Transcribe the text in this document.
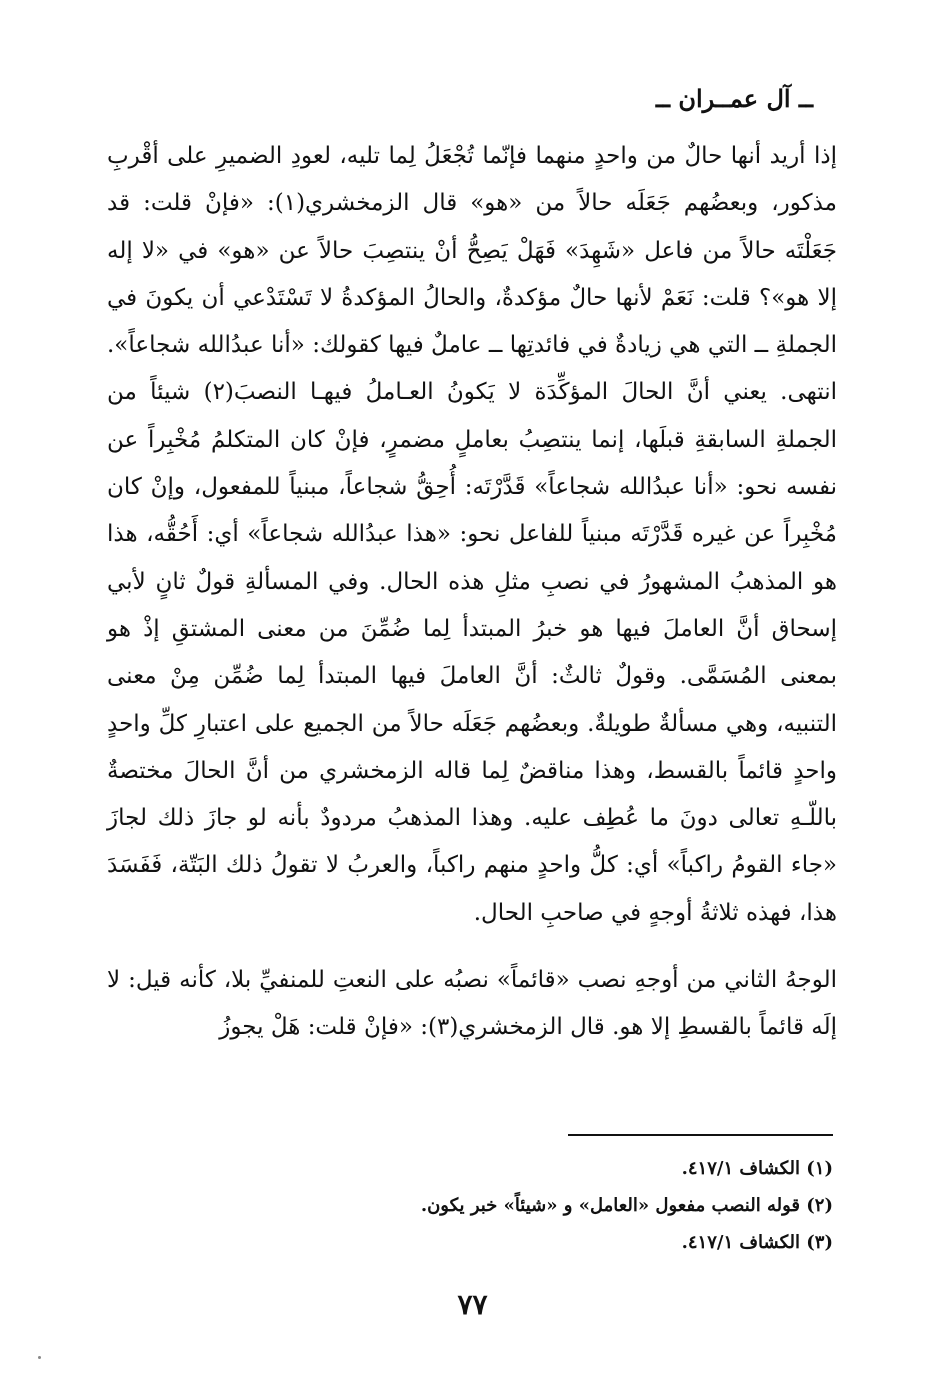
ــ آل عمــران ــ

إذا أريد أنها حالٌ من واحدٍ منهما فإنّما تُجْعَلُ لِما تليه، لعودِ الضميرِ على أقْربِ مذكور، وبعضُهم جَعَلَه حالاً من «هو» قال الزمخشري(١): «فإنْ قلت: قد جَعَلْتَه حالاً من فاعل «شَهِدَ» فَهَلْ يَصِحُّ أنْ ينتصِبَ حالاً عن «هو» في «لا إله إلا هو»؟ قلت: نَعَمْ لأنها حالٌ مؤكدةٌ، والحالُ المؤكدةُ لا تَسْتَدْعي أن يكونَ في الجملةِ ــ التي هي زيادةٌ في فائدتِها ــ عاملٌ فيها كقولك: «أنا عبدُالله شجاعاً». انتهى. يعني أنَّ الحالَ المؤكِّدَة لا يَكونُ العـاملُ فيهـا النصبَ(٢) شيئاً من الجملةِ السابقةِ قبلَها، إنما ينتصِبُ بعاملٍ مضمرٍ، فإنْ كان المتكلمُ مُخْبِراً عن نفسه نحو: «أنا عبدُالله شجاعاً» قَدَّرْتَه: أُحِقُّ شجاعاً، مبنياً للمفعول، وإنْ كان مُخْبِراً عن غيره قَدَّرْتَه مبنياً للفاعل نحو: «هذا عبدُالله شجاعاً» أي: أَحُقُّه، هذا هو المذهبُ المشهورُ في نصبِ مثلِ هذه الحال. وفي المسألةِ قولٌ ثانٍ لأبي إسحاق أنَّ العاملَ فيها هو خبرُ المبتدأ لِما ضُمِّنَ من معنى المشتقِ إذْ هو بمعنى المُسَمَّى. وقولٌ ثالثٌ: أنَّ العاملَ فيها المبتدأ لِما ضُمِّن مِنْ معنى التنبيه، وهي مسألةٌ طويلةٌ. وبعضُهم جَعَلَه حالاً من الجميع على اعتبارِ كلِّ واحدٍ واحدٍ قائماً بالقسط، وهذا مناقضٌ لِما قاله الزمخشري من أنَّ الحالَ مختصةٌ باللّـهِ تعالى دونَ ما عُطِف عليه. وهذا المذهبُ مردودٌ بأنه لو جازَ ذلك لجازَ «جاء القومُ راكباً» أي: كلُّ واحدٍ منهم راكباً، والعربُ لا تقولُ ذلك البَتّة، فَفَسَدَ هذا، فهذه ثلاثةُ أوجهٍ في صاحبِ الحال.

الوجهُ الثاني من أوجهِ نصب «قائماً» نصبُه على النعتِ للمنفيِّ بلا، كأنه قيل: لا إلَه قائماً بالقسطِ إلا هو. قال الزمخشري(٣): «فإنْ قلت: هَلْ يجوزُ

(١) الكشاف ٤١٧/١.
(٢) قوله النصب مفعول «العامل» و «شيئاً» خبر يكون.
(٣) الكشاف ٤١٧/١.
٧٧
